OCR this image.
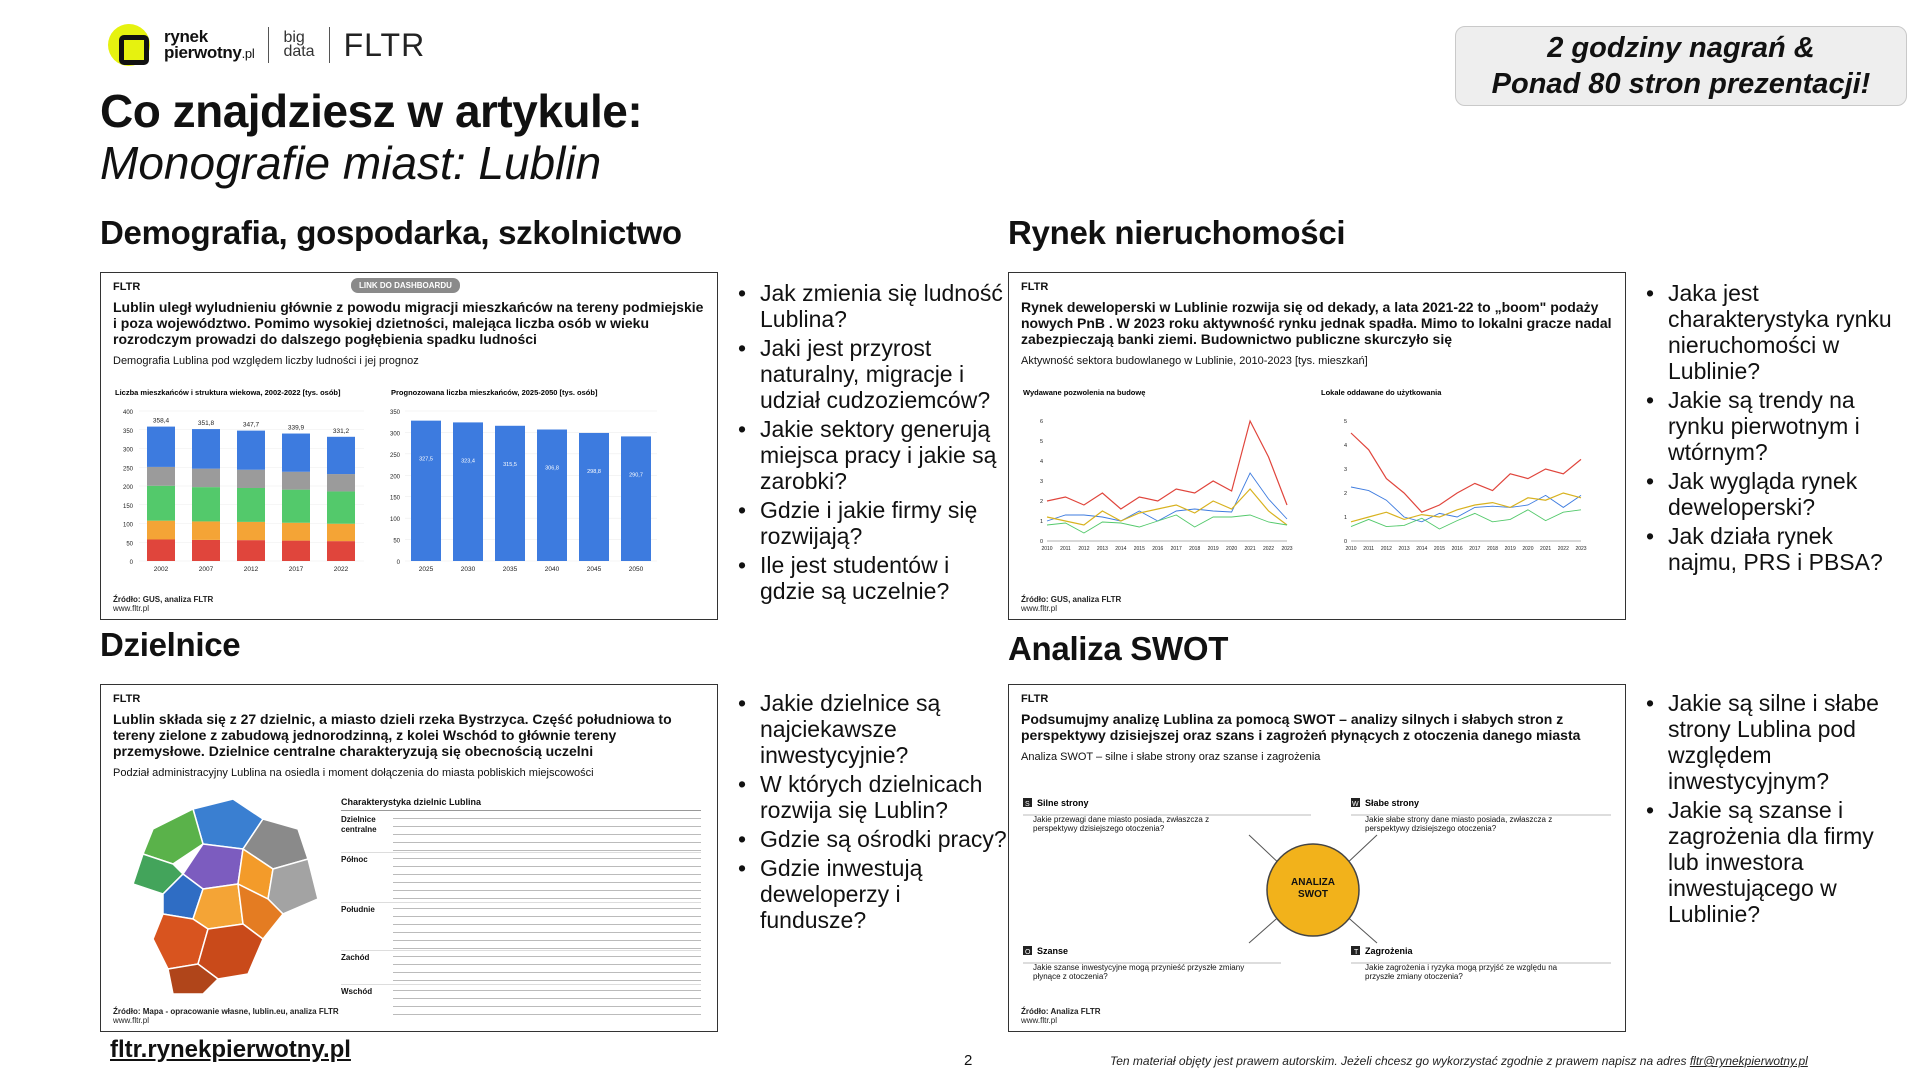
rynek
pierwotny.pl
big
data FLTR	2 godziny nagrań &
Ponad 80 stron prezentacji!
Co znajdziesz w artykule:
Monografie miast: Lublin
Demografia, gospodarka, szkolnictwo	Rynek nieruchomości
Dzielnice	Analiza SWOT
FLTR	LINK DO DASHBOARDU
Lublin uległ wyludnieniu głównie z powodu migracji mieszkańców na tereny podmiejskie i poza województwo. Pomimo wysokiej dzietności, malejąca liczba osób w wieku rozrodczym prowadzi do dalszego pogłębienia spadku ludności
Demografia Lublina pod względem liczby ludności i jej prognoz
Liczba mieszkańców i struktura wiekowa, 2002-2022 [tys. osób]	Prognozowana liczba mieszkańców, 2025-2050 [tys. osób]
0
50
100
150
200
250
300
350
400
358,4
2002
351,8
2007
347,7
2012
339,9
2017
331,2
2022
0
50
100
150
200
250
300
350
327,5
2025
323,4
2030
315,5
2035
306,8
2040
298,8
2045
290,7
2050
Źródło: GUS, analiza FLTR
www.fltr.pl
• Jak zmienia się ludność Lublina?
• Jaki jest przyrost naturalny, migracje i udział cudzoziemców?
• Jakie sektory generują miejsca pracy i jakie są zarobki?
• Gdzie i jakie firmy się rozwijają?
• Ile jest studentów i gdzie są uczelnie?
FLTR
Rynek deweloperski w Lublinie rozwija się od dekady, a lata 2021-22 to „boom" podaży nowych PnB . W 2023 roku aktywność rynku jednak spadła. Mimo to lokalni gracze nadal zabezpieczają banki ziemi. Budownictwo publiczne skurczyło się
Aktywność sektora budowlanego w Lublinie, 2010-2023 [tys. mieszkań]
Wydawane pozwolenia na budowę	Lokale oddawane do użytkowania
0
1
2
3
4
5
6
2010 2011 2012 2013 2014 2015 2016 2017 2018 2019 2020 2021 2022 2023
0
1
2
3
4
5
2010 2011 2012 2013 2014 2015 2016 2017 2018 2019 2020 2021 2022 2023
Źródło: GUS, analiza FLTR
www.fltr.pl
• Jaka jest charakterystyka rynku nieruchomości w Lublinie?
• Jakie są trendy na rynku pierwotnym i wtórnym?
• Jak wygląda rynek deweloperski?
• Jak działa rynek najmu, PRS i PBSA?
FLTR
Lublin składa się z 27 dzielnic, a miasto dzieli rzeka Bystrzyca. Część południowa to tereny zielone z zabudową jednorodzinną, z kolei Wschód to głównie tereny przemysłowe. Dzielnice centralne charakteryzują się obecnością uczelni
Podział administracyjny Lublina na osiedla i moment dołączenia do miasta pobliskich miejscowości
Charakterystyka dzielnic Lublina
Dzielnice centralne
Północ
Południe
Zachód
Wschód
Źródło: Mapa - opracowanie własne, lublin.eu, analiza FLTR
www.fltr.pl
• Jakie dzielnice są najciekawsze inwestycyjnie?
• W których dzielnicach rozwija się Lublin?
• Gdzie są ośrodki pracy?
• Gdzie inwestują deweloperzy i fundusze?
FLTR
Podsumujmy analizę Lublina za pomocą SWOT – analizy silnych i słabych stron z perspektywy dzisiejszej oraz szans i zagrożeń płynących z otoczenia danego miasta
Analiza SWOT – silne i słabe strony oraz szanse i zagrożenia
S Silne strony	W Słabe strony
O Szanse	T Zagrożenia
Jakie przewagi dane miasto posiada, zwłaszcza z perspektywy dzisiejszego otoczenia?
Jakie słabe strony dane miasto posiada, zwłaszcza z perspektywy dzisiejszego otoczenia?
Jakie szanse inwestycyjne mogą przynieść przyszłe zmiany płynące z otoczenia?
Jakie zagrożenia i ryzyka mogą przyjść ze względu na przyszłe zmiany otoczenia?
ANALIZA SWOT
Źródło: Analiza FLTR
www.fltr.pl
• Jakie są silne i słabe strony Lublina pod względem inwestycyjnym?
• Jakie są szanse i zagrożenia dla firmy lub inwestora inwestującego w Lublinie?
fltr.rynekpierwotny.pl	2	Ten materiał objęty jest prawem autorskim. Jeżeli chcesz go wykorzystać zgodnie z prawem napisz na adres fltr@rynekpierwotny.pl
